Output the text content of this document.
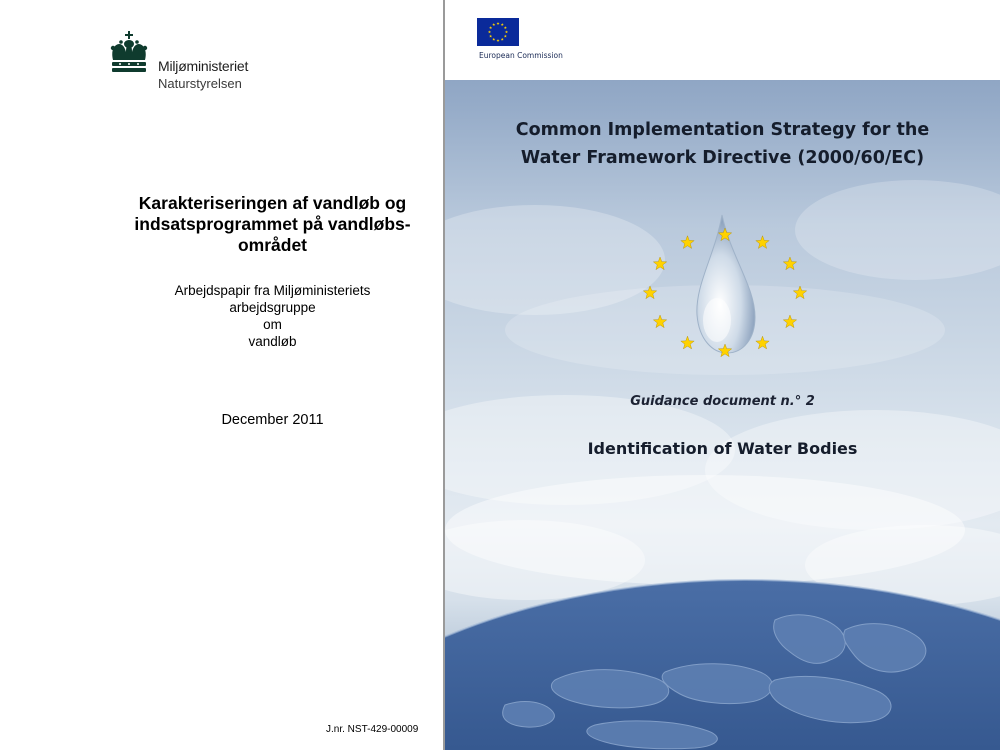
Miljøministeriet
Naturstyrelsen
Karakteriseringen af vandløb og indsatsprogrammet på vandløbs-området
Arbejdspapir fra Miljøministeriets
arbejdsgruppe
om
vandløb
December 2011
J.nr. NST-429-00009
European Commission
Common Implementation Strategy for the
Water Framework Directive (2000/60/EC)
Guidance document n.° 2
Identification of Water Bodies
